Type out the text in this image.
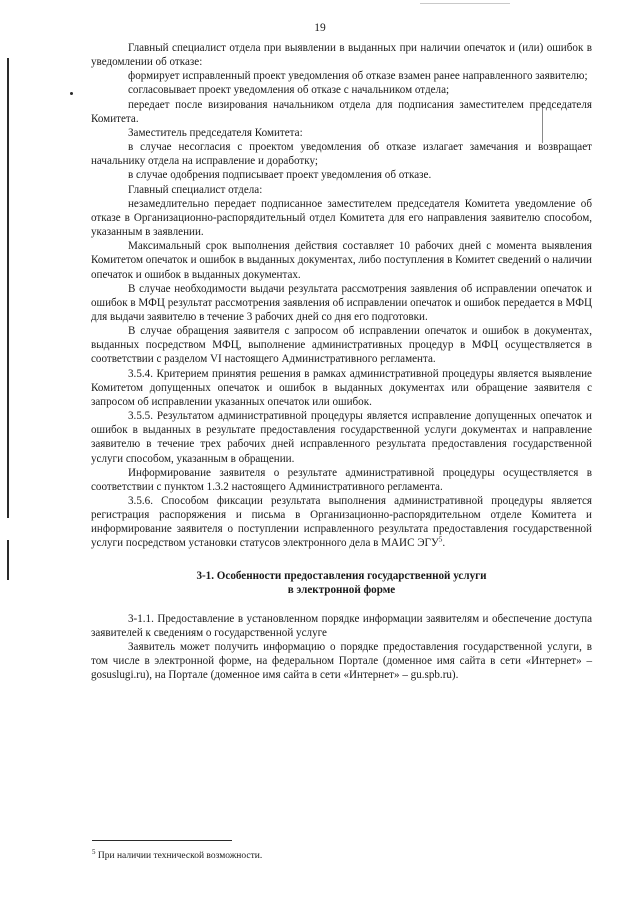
19

Главный специалист отдела при выявлении в выданных при наличии опечаток и (или) ошибок в уведомлении об отказе:

формирует исправленный проект уведомления об отказе взамен ранее направленного заявителю;

согласовывает проект уведомления об отказе с начальником отдела;

передает после визирования начальником отдела для подписания заместителем председателя Комитета.

Заместитель председателя Комитета:

в случае несогласия с проектом уведомления об отказе излагает замечания и возвращает начальнику отдела на исправление и доработку;

в случае одобрения подписывает проект уведомления об отказе.

Главный специалист отдела:

незамедлительно передает подписанное заместителем председателя Комитета уведомление об отказе в Организационно-распорядительный отдел Комитета для его направления заявителю способом, указанным в заявлении.

Максимальный срок выполнения действия составляет 10 рабочих дней с момента выявления Комитетом опечаток и ошибок в выданных документах, либо поступления в Комитет сведений о наличии опечаток и ошибок в выданных документах.

В случае необходимости выдачи результата рассмотрения заявления об исправлении опечаток и ошибок в МФЦ результат рассмотрения заявления об исправлении опечаток и ошибок передается в МФЦ для выдачи заявителю в течение 3 рабочих дней со дня его подготовки.

В случае обращения заявителя с запросом об исправлении опечаток и ошибок в документах, выданных посредством МФЦ, выполнение административных процедур в МФЦ осуществляется в соответствии с разделом VI настоящего Административного регламента.

3.5.4. Критерием принятия решения в рамках административной процедуры является выявление Комитетом допущенных опечаток и ошибок в выданных документах или обращение заявителя с запросом об исправлении указанных опечаток или ошибок.

3.5.5. Результатом административной процедуры является исправление допущенных опечаток и ошибок в выданных в результате предоставления государственной услуги документах и направление заявителю в течение трех рабочих дней исправленного результата предоставления государственной услуги способом, указанным в обращении.

Информирование заявителя о результате административной процедуры осуществляется в соответствии с пунктом 1.3.2 настоящего Административного регламента.

3.5.6. Способом фиксации результата выполнения административной процедуры является регистрация распоряжения и письма в Организационно-распорядительном отделе Комитета и информирование заявителя о поступлении исправленного результата предоставления государственной услуги посредством установки статусов электронного дела в МАИС ЭГУ$^5$.

3-1. Особенности предоставления государственной услуги
в электронной форме

3-1.1. Предоставление в установленном порядке информации заявителям и обеспечение доступа заявителей к сведениям о государственной услуге

Заявитель может получить информацию о порядке предоставления государственной услуги, в том числе в электронной форме, на федеральном Портале (доменное имя сайта в сети «Интернет» – gosuslugi.ru), на Портале (доменное имя сайта в сети «Интернет» – gu.spb.ru).

$^5$ При наличии технической возможности.
